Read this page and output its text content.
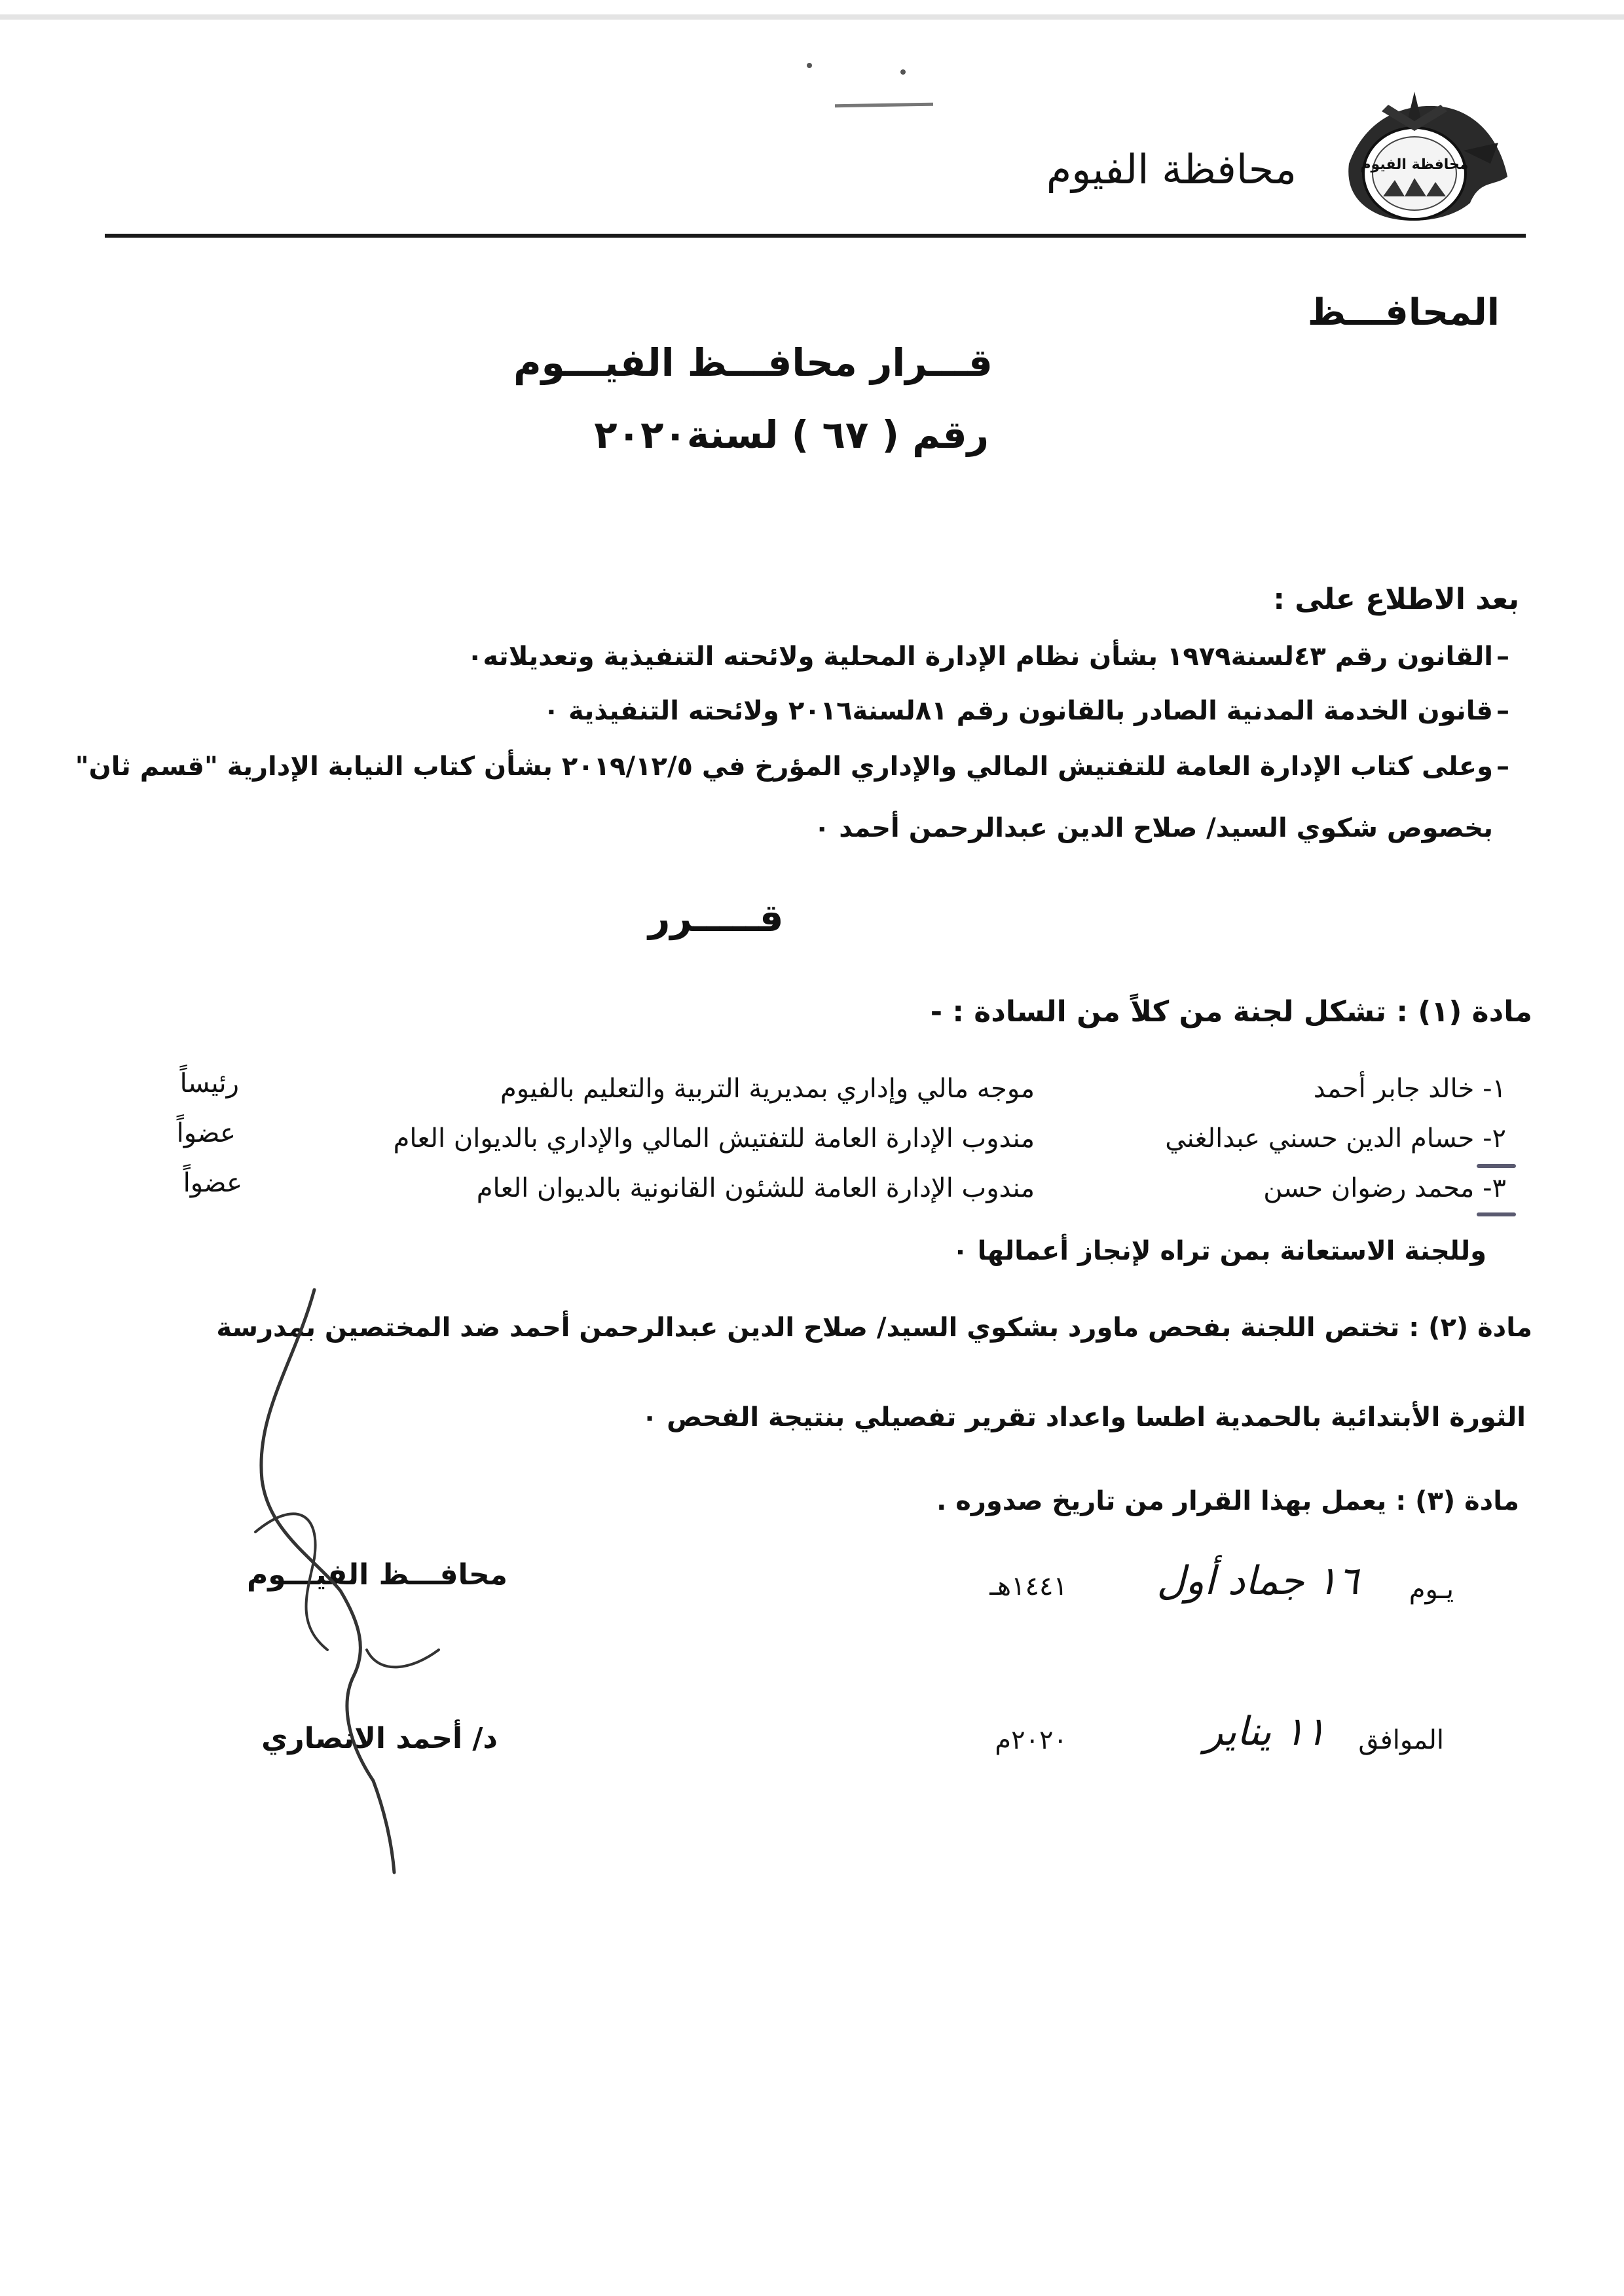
محافظة الفيوم
محافظة الفيوم
المحافـــظ
قـــرار محافـــظ الفيـــوم
رقم ( ٦٧ ) لسنة٢٠٢٠
بعد الاطلاع على :
–
القانون رقم ٤٣لسنة١٩٧٩ بشأن نظام الإدارة المحلية ولائحته التنفيذية وتعديلاته٠
–
قانون الخدمة المدنية الصادر بالقانون رقم ٨١لسنة٢٠١٦ ولائحته التنفيذية ٠
–
وعلى كتاب الإدارة العامة للتفتيش المالي والإداري المؤرخ في ٢٠١٩/١٢/٥ بشأن كتاب النيابة الإدارية "قسم ثان"
بخصوص شكوي السيد/ صلاح الدين عبدالرحمن أحمد ٠
قـــــرر
مادة (١) : تشكل لجنة من كلاً من السادة : -
١- خالد جابر أحمد
موجه مالي وإداري بمديرية التربية والتعليم بالفيوم
رئيساً
٢- حسام الدين حسني عبدالغني
مندوب الإدارة العامة للتفتيش المالي والإداري بالديوان العام
عضواً
٣- محمد رضوان حسن
مندوب الإدارة العامة للشئون القانونية بالديوان العام
عضواً
وللجنة الاستعانة بمن تراه لإنجاز أعمالها ٠
مادة (٢) : تختص اللجنة بفحص ماورد بشكوي السيد/ صلاح الدين عبدالرحمن أحمد ضد المختصين بمدرسة
الثورة الأبتدائية بالحمدية اطسا واعداد تقرير تفصيلي بنتيجة الفحص ٠
مادة (٣) : يعمل بهذا القرار من تاريخ صدوره .
يـوم
١٦ جماد أول
١٤٤١هـ
الموافق
١١ يناير
٢٠٢٠م
محافـــظ الفيـــوم
د/ أحمد الانصاري
